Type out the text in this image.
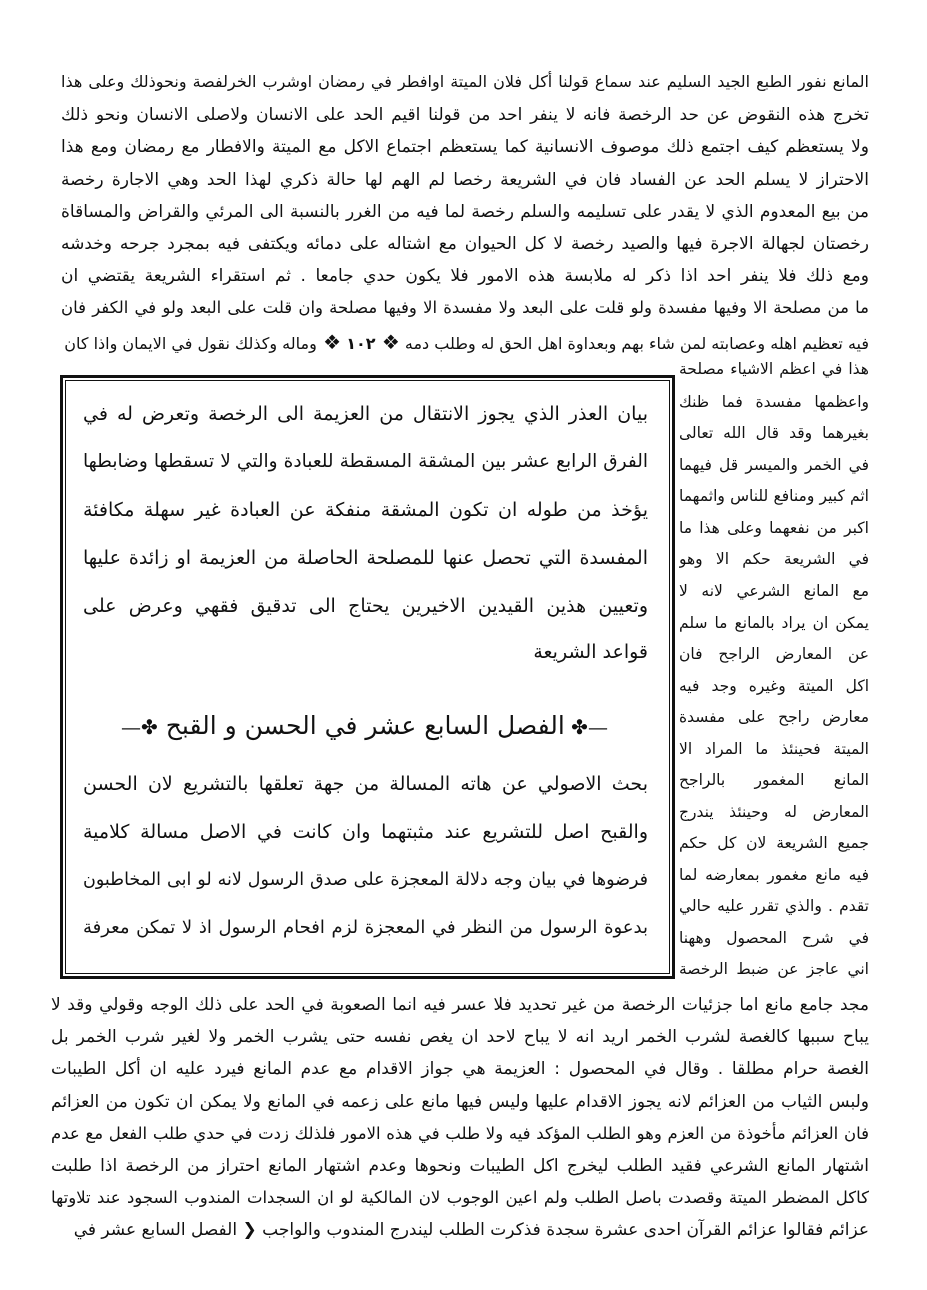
المانع نفور الطبع الجيد السليم عند سماع قولنا أكل فلان الميتة اوافطر في رمضان اوشرب الخرلفصة ونحوذلك وعلى هذا
تخرج هذه النقوض عن حد الرخصة فانه لا ينفر احد من قولنا اقيم الحد على الانسان ولاصلى الانسان ونحو ذلك
ولا يستعظم كيف اجتمع ذلك موصوف الانسانية كما يستعظم اجتماع الاكل مع الميتة والافطار مع رمضان ومع هذا
الاحتراز لا يسلم الحد عن الفساد فان في الشريعة رخصا لم الهم لها حالة ذكري لهذا الحد وهي الاجارة رخصة
من بيع المعدوم الذي لا يقدر على تسليمه والسلم رخصة لما فيه من الغرر بالنسبة الى المرئي والقراض والمساقاة
رخصتان لجهالة الاجرة فيها والصيد رخصة لا كل الحيوان مع اشتاله على دمائه ويكتفى فيه بمجرد جرحه وخدشه
ومع ذلك فلا ينفر احد اذا ذكر له ملابسة هذه الامور فلا يكون حدي جامعا . ثم استقراء الشريعة يقتضي ان
ما من مصلحة الا وفيها مفسدة ولو قلت على البعد ولا مفسدة الا وفيها مصلحة وان قلت على البعد ولو في الكفر فان
فيه تعظيم اهله وعصابته لمن شاء بهم وبعداوة اهل الحق له وطلب دمه ❖ ١٠٢ ❖ وماله وكذلك نقول في الايمان واذا كان
هذا في اعظم الاشياء مصلحة
واعظمها مفسدة فما ظنك
بغيرهما وقد قال الله تعالى
في الخمر والميسر قل فيهما
اثم كبير ومنافع للناس واثمهما
اكبر من نفعهما وعلى هذا ما
في الشريعة حكم الا وهو
مع المانع الشرعي لانه لا
يمكن ان يراد بالمانع ما سلم
عن المعارض الراجح فان
اكل الميتة وغيره وجد فيه
معارض راجح على مفسدة
الميتة فحينئذ ما المراد الا
المانع المغمور بالراجح
المعارض له وحينئذ يندرج
جميع الشريعة لان كل حكم
فيه مانع مغمور بمعارضه لما
تقدم . والذي تقرر عليه حالي
في شرح المحصول وههنا
اني عاجز عن ضبط الرخصة
بيان العذر الذي يجوز الانتقال من العزيمة الى الرخصة وتعرض له في
الفرق الرابع عشر بين المشقة المسقطة للعبادة والتي لا تسقطها وضابطها
يؤخذ من طوله ان تكون المشقة منفكة عن العبادة غير سهلة مكافئة
المفسدة التي تحصل عنها للمصلحة الحاصلة من العزيمة او زائدة عليها
وتعيين هذين القيدين الاخيرين يحتاج الى تدقيق فقهي وعرض على
قواعد الشريعة
—✤ الفصل السابع عشر في الحسن و القبح ✤—
بحث الاصولي عن هاته المسالة من جهة تعلقها بالتشريع لان الحسن
والقبح اصل للتشريع عند مثبتهما وان كانت في الاصل مسالة كلامية
فرضوها في بيان وجه دلالة المعجزة على صدق الرسول لانه لو ابى المخاطبون
بدعوة الرسول من النظر في المعجزة لزم افحام الرسول اذ لا تمكن معرفة
مجد جامع مانع اما جزئيات الرخصة من غير تحديد فلا عسر فيه انما الصعوبة في الحد على ذلك الوجه وقولي وقد لا
يباح سببها كالغصة لشرب الخمر اريد انه لا يباح لاحد ان يغص نفسه حتى يشرب الخمر ولا لغير شرب الخمر بل
الغصة حرام مطلقا . وقال في المحصول : العزيمة هي جواز الاقدام مع عدم المانع فيرد عليه ان أكل الطيبات
ولبس الثياب من العزائم لانه يجوز الاقدام عليها وليس فيها مانع على زعمه في المانع ولا يمكن ان تكون من العزائم
فان العزائم مأخوذة من العزم وهو الطلب المؤكد فيه ولا طلب في هذه الامور فلذلك زدت في حدي طلب الفعل مع عدم
اشتهار المانع الشرعي فقيد الطلب ليخرج اكل الطيبات ونحوها وعدم اشتهار المانع احتراز من الرخصة اذا طلبت
كاكل المضطر الميتة وقصدت باصل الطلب ولم اعين الوجوب لان المالكية لو ان السجدات المندوب السجود عند تلاوتها
عزائم فقالوا عزائم القرآن احدى عشرة سجدة فذكرت الطلب ليندرج المندوب والواجب ❮ الفصل السابع عشر في
